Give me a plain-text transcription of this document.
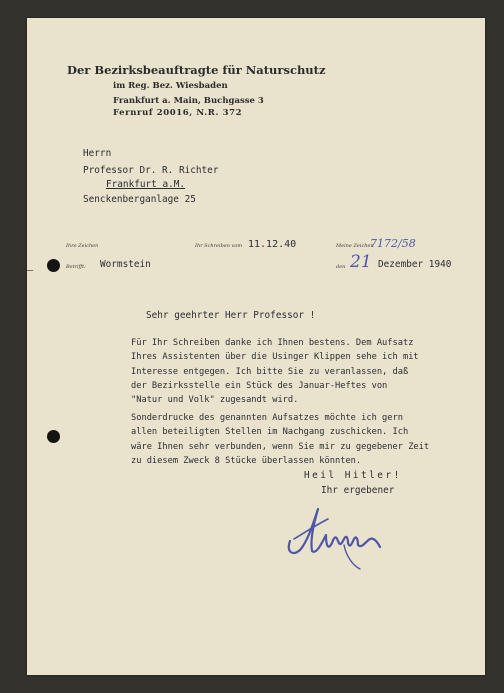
Der Bezirksbeauftragte für Naturschutz
im Reg. Bez. Wiesbaden
Frankfurt a. Main, Buchgasse 3
Fernruf 20016, N.R. 372
Herrn
Professor Dr. R. Richter
Frankfurt a.M.
Senckenberganlage 25
Ihre Zeichen	Ihr Schreiben vom 11.12.40	Meine Zeichen
7172/58
Betrifft: Wormstein	den 21 Dezember 1940
Sehr geehrter Herr Professor !
Für Ihr Schreiben danke ich Ihnen bestens. Dem Aufsatz
Ihres Assistenten über die Usinger Klippen sehe ich mit
Interesse entgegen. Ich bitte Sie zu veranlassen, daß
der Bezirksstelle ein Stück des Januar-Heftes von
"Natur und Volk" zugesandt wird.
Sonderdrucke des genannten Aufsatzes möchte ich gern
allen beteiligten Stellen im Nachgang zuschicken. Ich
wäre Ihnen sehr verbunden, wenn Sie mir zu gegebener Zeit
zu diesem Zweck 8 Stücke überlassen könnten.
Heil Hitler!
Ihr ergebener
